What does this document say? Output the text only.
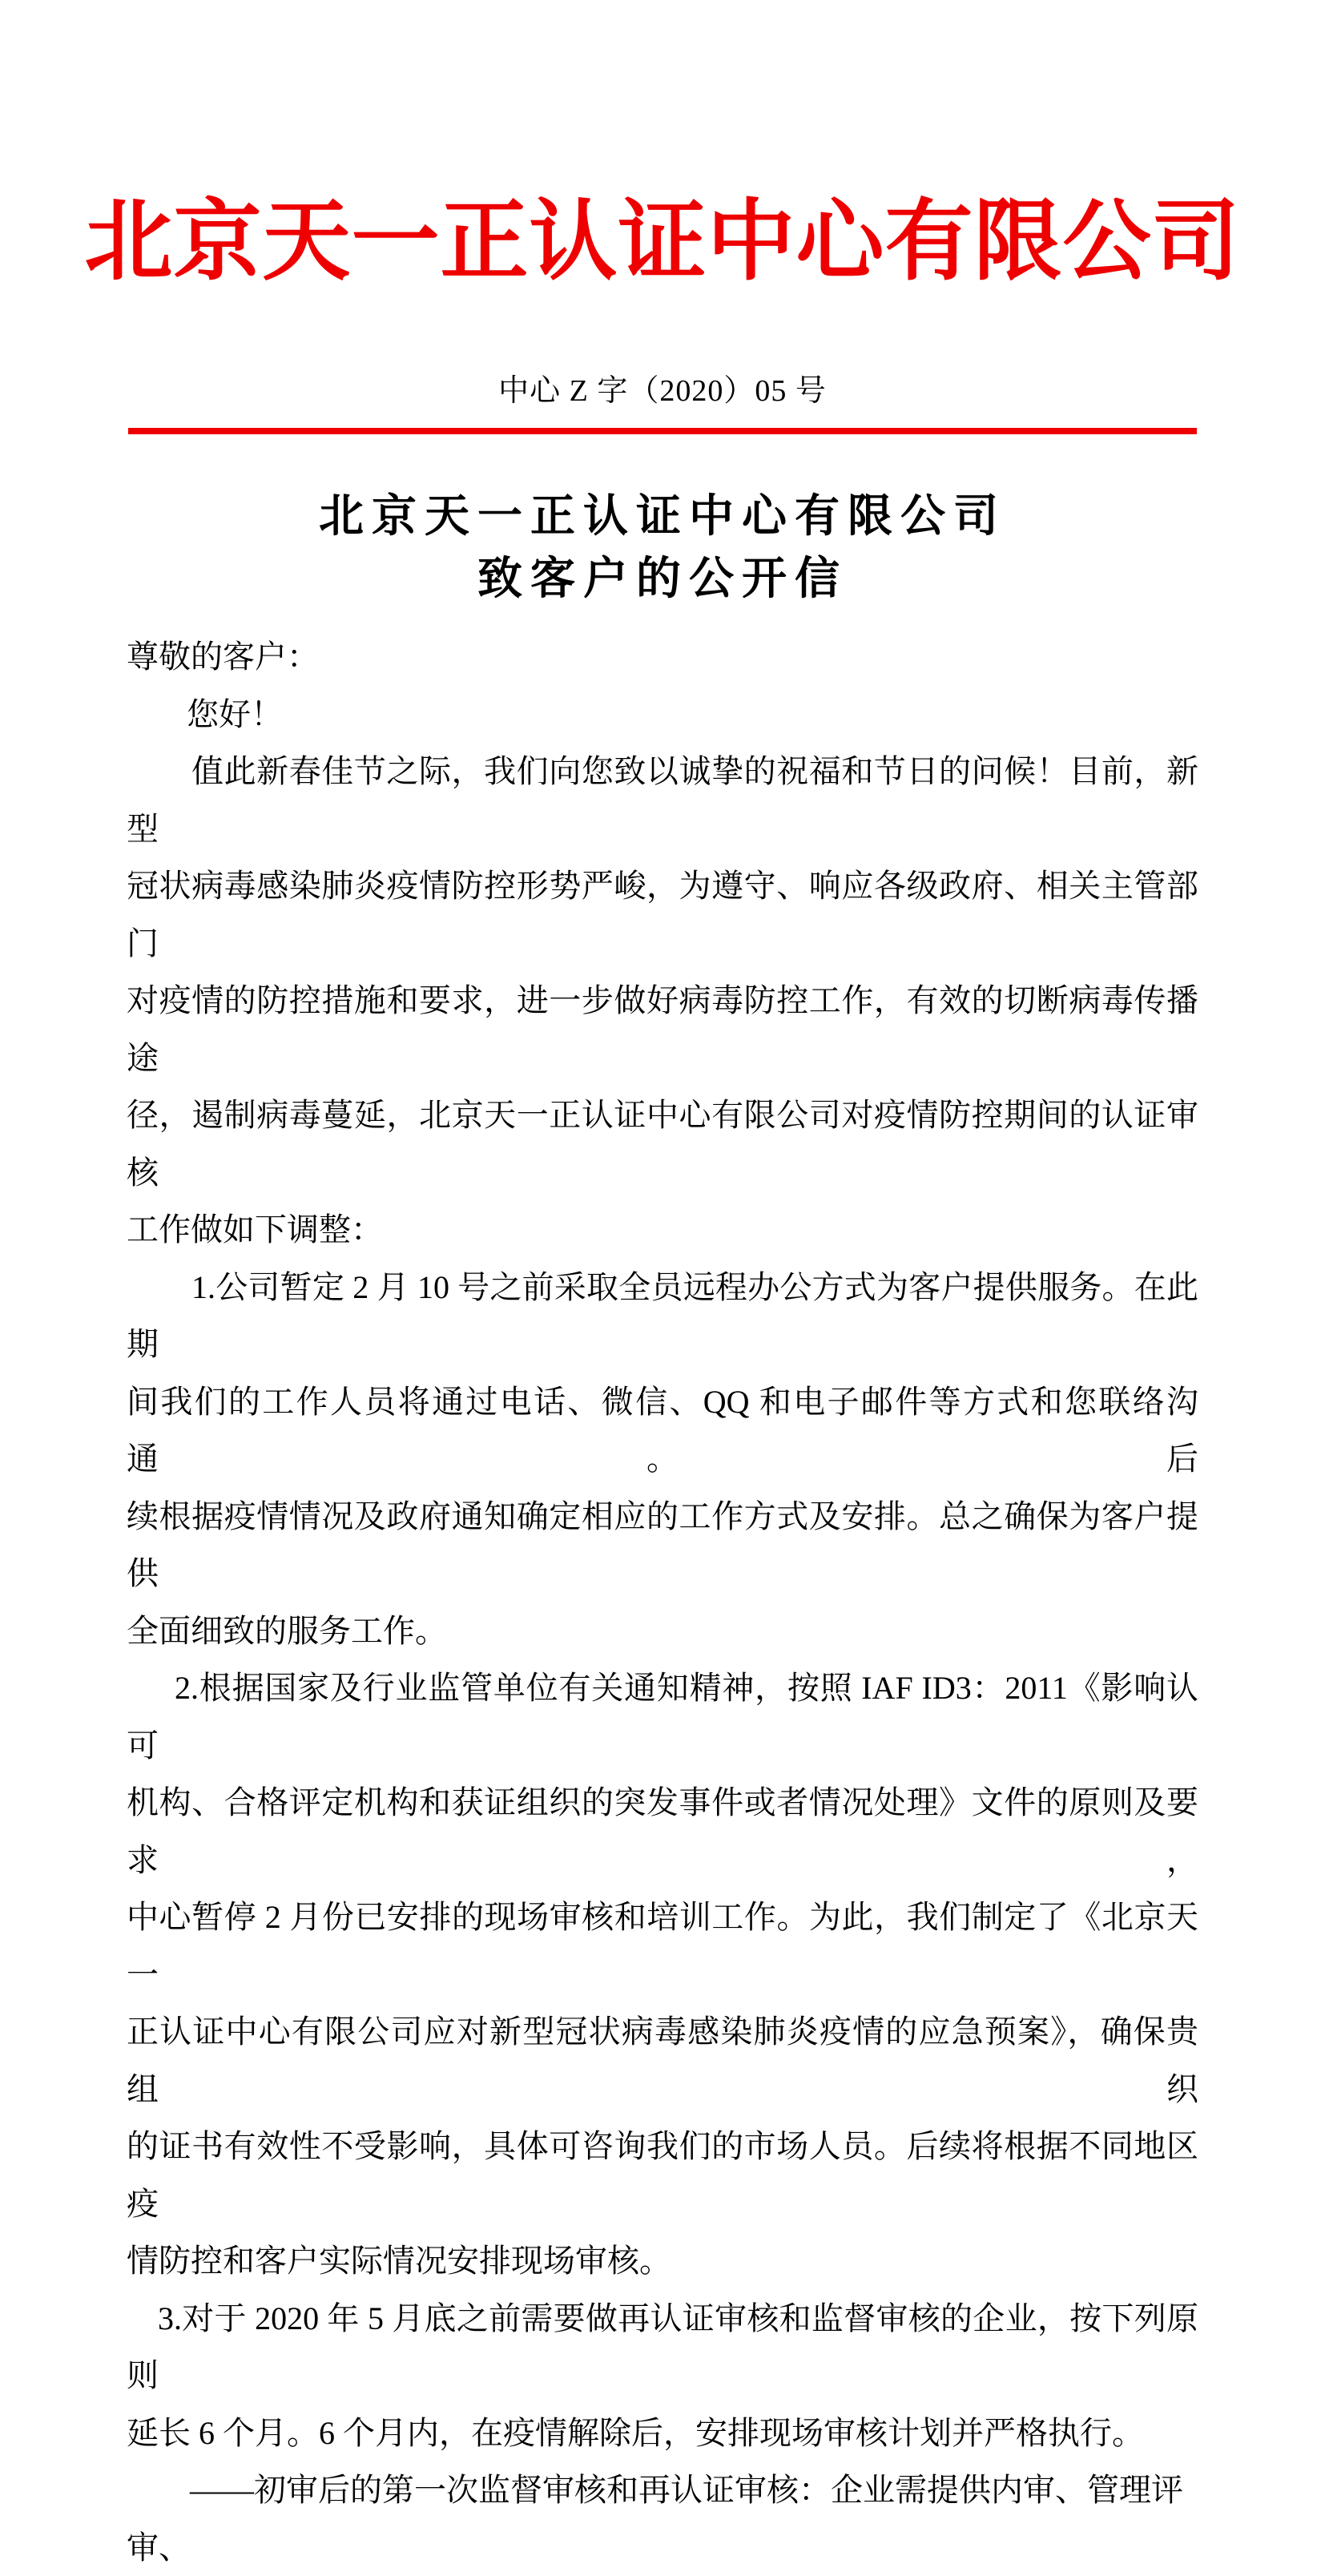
北京天一正认证中心有限公司
中心 Z 字（2020）05 号
北京天一正认证中心有限公司
致客户的公开信
尊敬的客户：
您好！
值此新春佳节之际，我们向您致以诚挚的祝福和节日的问候！目前，新型
冠状病毒感染肺炎疫情防控形势严峻，为遵守、响应各级政府、相关主管部门
对疫情的防控措施和要求，进一步做好病毒防控工作，有效的切断病毒传播途
径，遏制病毒蔓延，北京天一正认证中心有限公司对疫情防控期间的认证审核
工作做如下调整：
1.公司暂定 2 月 10 号之前采取全员远程办公方式为客户提供服务。在此期
间我们的工作人员将通过电话、微信、QQ 和电子邮件等方式和您联络沟通。后
续根据疫情情况及政府通知确定相应的工作方式及安排。总之确保为客户提供
全面细致的服务工作。
2.根据国家及行业监管单位有关通知精神，按照 IAF ID3：2011《影响认可
机构、合格评定机构和获证组织的突发事件或者情况处理》文件的原则及要求，
中心暂停 2 月份已安排的现场审核和培训工作。为此，我们制定了《北京天一
正认证中心有限公司应对新型冠状病毒感染肺炎疫情的应急预案》，确保贵组织
的证书有效性不受影响，具体可咨询我们的市场人员。后续将根据不同地区疫
情防控和客户实际情况安排现场审核。
3.对于 2020 年 5 月底之前需要做再认证审核和监督审核的企业，按下列原则
延长 6 个月。6 个月内，在疫情解除后，安排现场审核计划并严格执行。
——初审后的第一次监督审核和再认证审核：企业需提供内审、管理评审、
